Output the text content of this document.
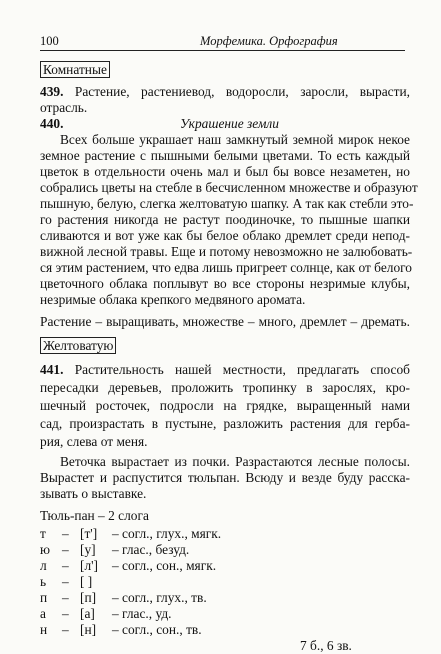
100	Морфемика. Орфография
Комнатные
439. Растение, растениевод, водоросли, заросли, вырасти,
отрасль.
440.	Украшение земли
Всех больше украшает наш замкнутый земной мирок некое
земное растение с пышными белыми цветами. То есть каждый
цветок в отдельности очень мал и был бы вовсе незаметен, но
собрались цветы на стебле в бесчисленном множестве и образуют
пышную, белую, слегка желтоватую шапку. А так как стебли это-
го растения никогда не растут поодиночке, то пышные шапки
сливаются и вот уже как бы белое облако дремлет среди непод-
вижной лесной травы. Еще и потому невозможно не залюбовать-
ся этим растением, что едва лишь пригреет солнце, как от белого
цветочного облака поплывут во все стороны незримые клубы,
незримые облака крепкого медвяного аромата.
Растение – выращивать, множестве – много, дремлет – дремать.
Желтоватую
441. Растительность нашей местности, предлагать способ
пересадки деревьев, проложить тропинку в зарослях, кро-
шечный росточек, подросли на грядке, выращенный нами
сад, произрастать в пустыне, разложить растения для герба-
рия, слева от меня.
Веточка вырастает из почки. Разрастаются лесные полосы.
Вырастет и распустится тюльпан. Всюду и везде буду расска-
зывать о выставке.
Тюль-пан – 2 слога
т – [т'] – согл., глух., мягк.
ю – [у] – глас., безуд.
л – [л'] – согл., сон., мягк.
ь – [ ]
п – [п] – согл., глух., тв.
а – [а] – глас., уд.
н – [н] – согл., сон., тв.
7 б., 6 зв.
